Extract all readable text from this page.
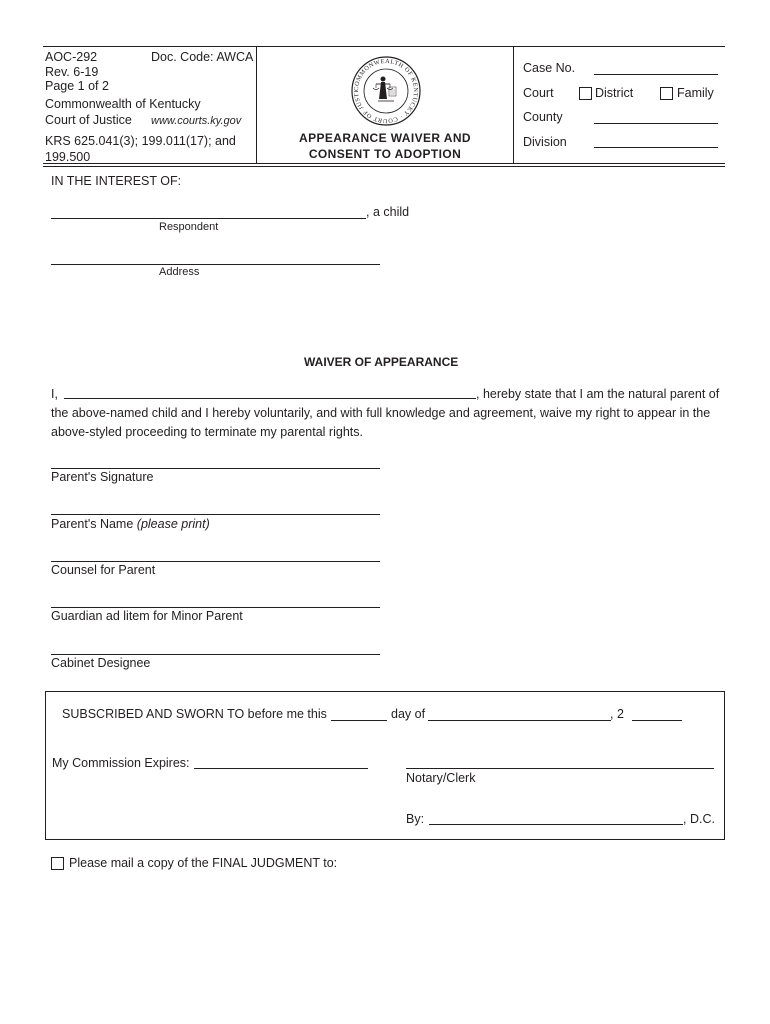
AOC-292	Doc. Code: AWCA
Rev. 6-19
Page 1 of 2
Commonwealth of Kentucky
Court of Justice www.courts.ky.gov
KRS 625.041(3); 199.011(17); and
199.500
COMMONWEALTH OF KENTUCKY · COURT OF JUSTI
APPEARANCE WAIVER AND
CONSENT TO ADOPTION
Case No.
Court	District	Family
County
Division
IN THE INTEREST OF:
, a child
Respondent
Address
WAIVER OF APPEARANCE
I,	, hereby state that I am the natural parent of
the above-named child and I hereby voluntarily, and with full knowledge and agreement, waive my right to appear in the
above-styled proceeding to terminate my parental rights.
Parent's Signature
Parent's Name (please print)
Counsel for Parent
Guardian ad litem for Minor Parent
Cabinet Designee
SUBSCRIBED AND SWORN TO before me this	day of	, 2
My Commission Expires:
Notary/Clerk
By:	, D.C.
Please mail a copy of the FINAL JUDGMENT to:
